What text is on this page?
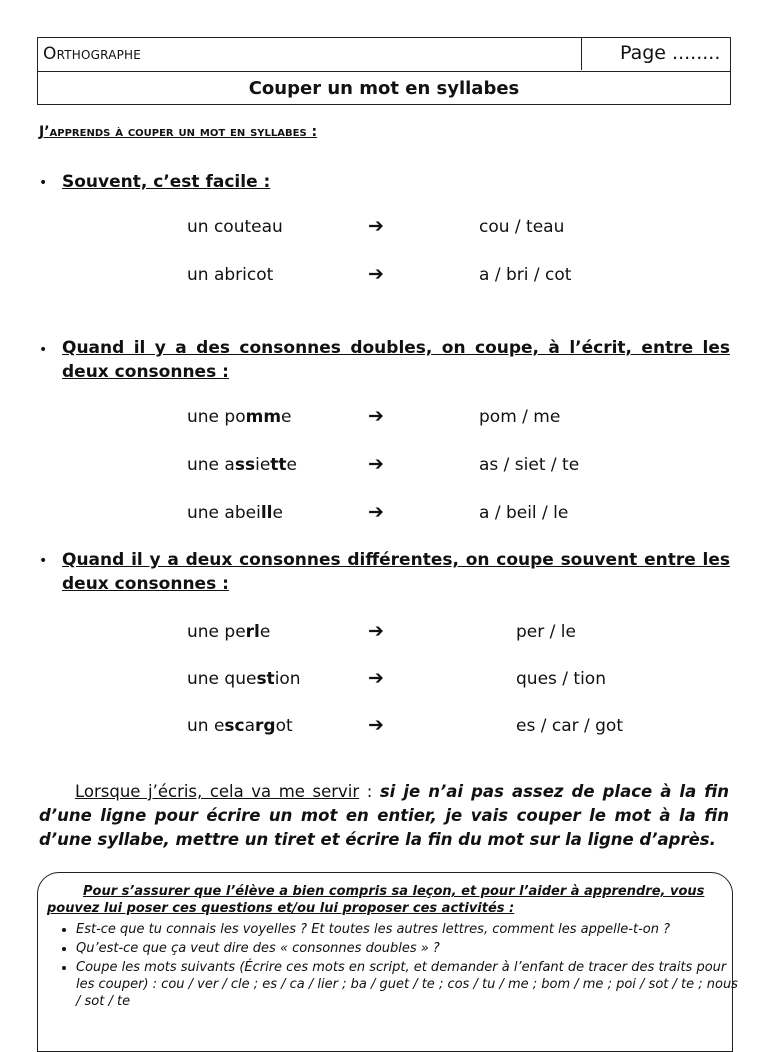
Orthographe	Page ........
Couper un mot en syllabes
J’apprends à couper un mot en syllabes :
• Souvent, c’est facile :
un couteau	➔	cou / teau
un abricot	➔	a / bri / cot
• Quand il y a des consonnes doubles, on coupe, à l’écrit, entre les deux consonnes :
une pomme	➔	pom / me
une assiette	➔	as / siet / te
une abeille	➔	a / beil / le
• Quand il y a deux consonnes différentes, on coupe souvent entre les deux consonnes :
une perle	➔	per / le
une question	➔	ques / tion
un escargot	➔	es / car / got
Lorsque j’écris, cela va me servir : si je n’ai pas assez de place à la fin d’une ligne pour écrire un mot en entier, je vais couper le mot à la fin d’une syllabe, mettre un tiret et écrire la fin du mot sur la ligne d’après.
Pour s’assurer que l’élève a bien compris sa leçon, et pour l’aider à apprendre, vous pouvez lui poser ces questions et/ou lui proposer ces activités :
• Est-ce que tu connais les voyelles ? Et toutes les autres lettres, comment les appelle-t-on ?
• Qu’est-ce que ça veut dire des « consonnes doubles » ?
• Coupe les mots suivants (Écrire ces mots en script, et demander à l’enfant de tracer des traits pour les couper) : cou / ver / cle ; es / ca / lier ; ba / guet / te ; cos / tu / me ; bom / me ; poi / sot / te ; nous / sot / te
